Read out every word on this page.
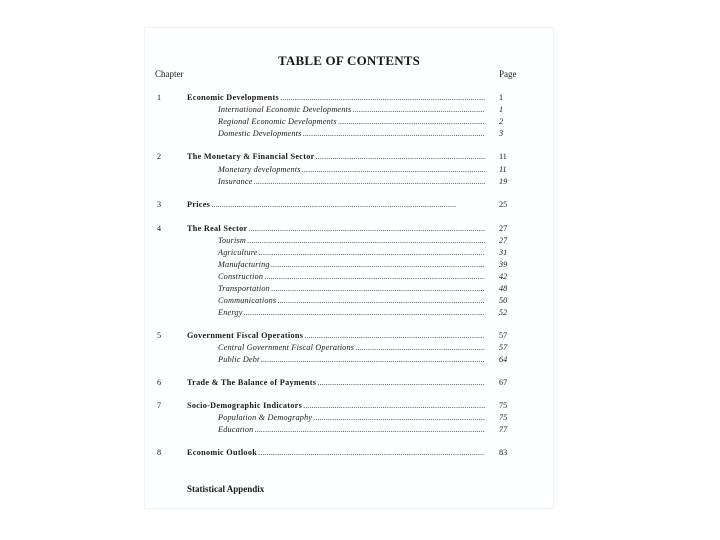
TABLE OF CONTENTS
Chapter	Page
1	Economic Developments . . .	1
International Economic Developments . . .	1
Regional Economic Developments . . .	2
Domestic Developments . . .	3
2	The Monetary & Financial Sector . . .	11
Monetary developments . . .	11
Insurance . . .	19
3	Prices . . .	25
4	The Real Sector . . .	27
Tourism . . .	27
Agriculture . . .	31
Manufacturing . . .	39
Construction . . .	42
Transportation . . .	48
Communications . . .	50
Energy . . .	52
5	Government Fiscal Operations . . .	57
Central Government Fiscal Operations . . .	57
Public Debt . . .	64
6	Trade & The Balance of Payments . . .	67
7	Socio-Demographic Indicators . . .	75
Population & Demography . . .	75
Education . . .	77
8	Economic Outlook . . .	83
Statistical Appendix
